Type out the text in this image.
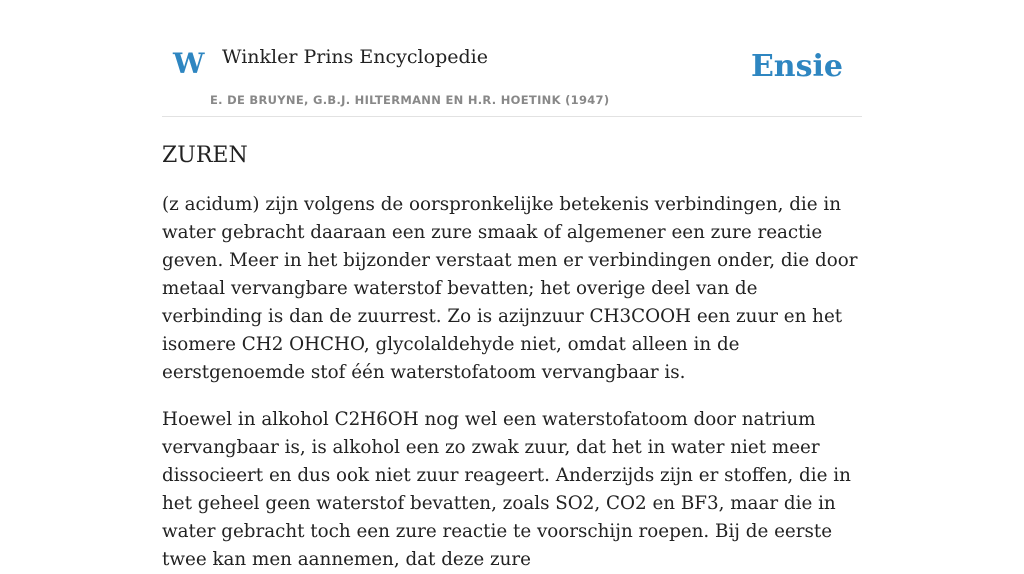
W Winkler Prins Encyclopedie
E. DE BRUYNE, G.B.J. HILTERMANN EN H.R. HOETINK (1947)
Ensie
ZUREN

(z acidum) zijn volgens de oorspronkelijke betekenis verbindingen, die in water gebracht daaraan een zure smaak of algemener een zure reactie geven. Meer in het bijzonder verstaat men er verbindingen onder, die door metaal vervangbare waterstof bevatten; het overige deel van de verbinding is dan de zuurrest. Zo is azijnzuur CH3COOH een zuur en het isomere CH2 OHCHO, glycolaldehyde niet, omdat alleen in de eerstgenoemde stof één waterstofatoom vervangbaar is.

Hoewel in alkohol C2H6OH nog wel een waterstofatoom door natrium vervangbaar is, is alkohol een zo zwak zuur, dat het in water niet meer dissocieert en dus ook niet zuur reageert. Anderzijds zijn er stoffen, die in het geheel geen waterstof bevatten, zoals SO2, CO2 en BF3, maar die in water gebracht toch een zure reactie te voorschijn roepen. Bij de eerste twee kan men aannemen, dat deze zure
